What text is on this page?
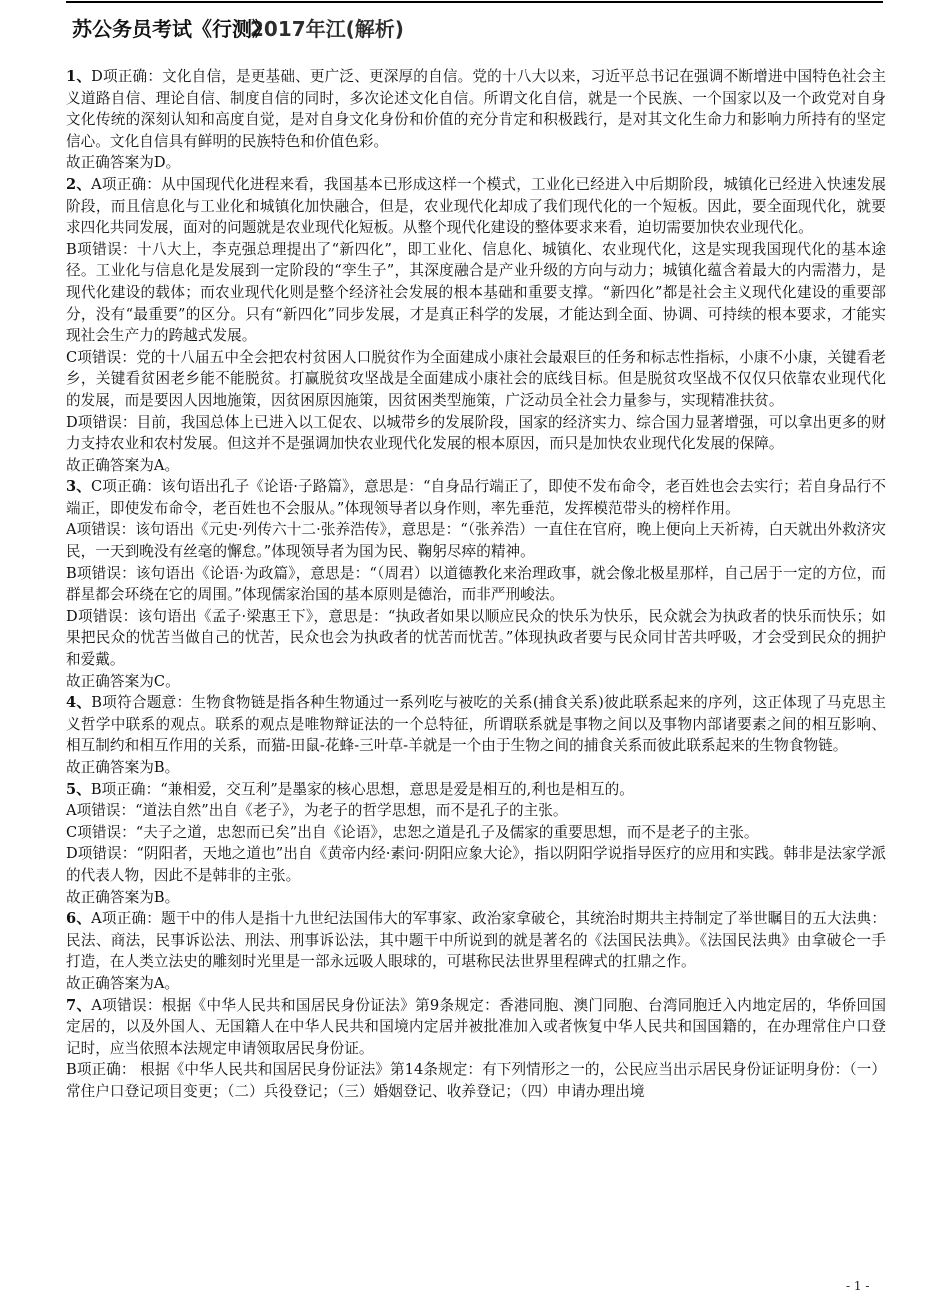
苏公务员考试《行测》
2017年江(解析)

1、D项正确：文化自信，是更基础、更广泛、更深厚的自信。党的十八大以来，习近平总书记在强调不断增进中国特色社会主义道路自信、理论自信、制度自信的同时，多次论述文化自信。所谓文化自信，就是一个民族、一个国家以及一个政党对自身文化传统的深刻认知和高度自觉，是对自身文化身份和价值的充分肯定和积极践行，是对其文化生命力和影响力所持有的坚定信心。文化自信具有鲜明的民族特色和价值色彩。

故正确答案为D。

2、A项正确：从中国现代化进程来看，我国基本已形成这样一个模式，工业化已经进入中后期阶段，城镇化已经进入快速发展阶段，而且信息化与工业化和城镇化加快融合，但是，农业现代化却成了我们现代化的一个短板。因此，要全面现代化，就要求四化共同发展，面对的问题就是农业现代化短板。从整个现代化建设的整体要求来看，迫切需要加快农业现代化。

B项错误：十八大上，李克强总理提出了“新四化”，即工业化、信息化、城镇化、农业现代化，这是实现我国现代化的基本途径。工业化与信息化是发展到一定阶段的“孪生子”，其深度融合是产业升级的方向与动力；城镇化蕴含着最大的内需潜力，是现代化建设的载体；而农业现代化则是整个经济社会发展的根本基础和重要支撑。“新四化”都是社会主义现代化建设的重要部分，没有“最重要”的区分。只有“新四化”同步发展，才是真正科学的发展，才能达到全面、协调、可持续的根本要求，才能实现社会生产力的跨越式发展。

C项错误：党的十八届五中全会把农村贫困人口脱贫作为全面建成小康社会最艰巨的任务和标志性指标，小康不小康，关键看老乡，关键看贫困老乡能不能脱贫。打赢脱贫攻坚战是全面建成小康社会的底线目标。但是脱贫攻坚战不仅仅只依靠农业现代化的发展，而是要因人因地施策，因贫困原因施策，因贫困类型施策，广泛动员全社会力量参与，实现精准扶贫。

D项错误：目前，我国总体上已进入以工促农、以城带乡的发展阶段，国家的经济实力、综合国力显著增强，可以拿出更多的财力支持农业和农村发展。但这并不是强调加快农业现代化发展的根本原因，而只是加快农业现代化发展的保障。

故正确答案为A。

3、C项正确：该句语出孔子《论语·子路篇》，意思是：“自身品行端正了，即使不发布命令，老百姓也会去实行；若自身品行不端正，即使发布命令，老百姓也不会服从。”体现领导者以身作则，率先垂范，发挥模范带头的榜样作用。

A项错误：该句语出《元史·列传六十二·张养浩传》，意思是：“（张养浩）一直住在官府，晚上便向上天祈祷，白天就出外救济灾民，一天到晚没有丝毫的懈怠。”体现领导者为国为民、鞠躬尽瘁的精神。

B项错误：该句语出《论语·为政篇》，意思是：“（周君）以道德教化来治理政事，就会像北极星那样，自己居于一定的方位，而群星都会环绕在它的周围。”体现儒家治国的基本原则是德治，而非严刑峻法。

D项错误：该句语出《孟子·梁惠王下》，意思是：“执政者如果以顺应民众的快乐为快乐，民众就会为执政者的快乐而快乐；如果把民众的忧苦当做自己的忧苦，民众也会为执政者的忧苦而忧苦。”体现执政者要与民众同甘苦共呼吸，才会受到民众的拥护和爱戴。

故正确答案为C。

4、B项符合题意：生物食物链是指各种生物通过一系列吃与被吃的关系(捕食关系)彼此联系起来的序列，这正体现了马克思主义哲学中联系的观点。联系的观点是唯物辩证法的一个总特征，所谓联系就是事物之间以及事物内部诸要素之间的相互影响、相互制约和相互作用的关系，而猫-田鼠-花蜂-三叶草-羊就是一个由于生物之间的捕食关系而彼此联系起来的生物食物链。

故正确答案为B。

5、B项正确：“兼相爱，交互利”是墨家的核心思想，意思是爱是相互的,利也是相互的。

A项错误：“道法自然”出自《老子》，为老子的哲学思想，而不是孔子的主张。

C项错误：“夫子之道，忠恕而已矣”出自《论语》，忠恕之道是孔子及儒家的重要思想，而不是老子的主张。

D项错误：“阴阳者，天地之道也”出自《黄帝内经·素问·阴阳应象大论》，指以阴阳学说指导医疗的应用和实践。韩非是法家学派的代表人物，因此不是韩非的主张。

故正确答案为B。

6、A项正确：题干中的伟人是指十九世纪法国伟大的军事家、政治家拿破仑，其统治时期共主持制定了举世瞩目的五大法典：民法、商法，民事诉讼法、刑法、刑事诉讼法，其中题干中所说到的就是著名的《法国民法典》。《法国民法典》由拿破仑一手打造，在人类立法史的雕刻时光里是一部永远吸人眼球的，可堪称民法世界里程碑式的扛鼎之作。

故正确答案为A。

7、A项错误：根据《中华人民共和国居民身份证法》第9条规定：香港同胞、澳门同胞、台湾同胞迁入内地定居的，华侨回国定居的，以及外国人、无国籍人在中华人民共和国境内定居并被批准加入或者恢复中华人民共和国国籍的，在办理常住户口登记时，应当依照本法规定申请领取居民身份证。

B项正确： 根据《中华人民共和国居民身份证法》第14条规定：有下列情形之一的，公民应当出示居民身份证证明身份：（一）常住户口登记项目变更；（二）兵役登记；（三）婚姻登记、收养登记；（四）申请办理出境

- 1 -
